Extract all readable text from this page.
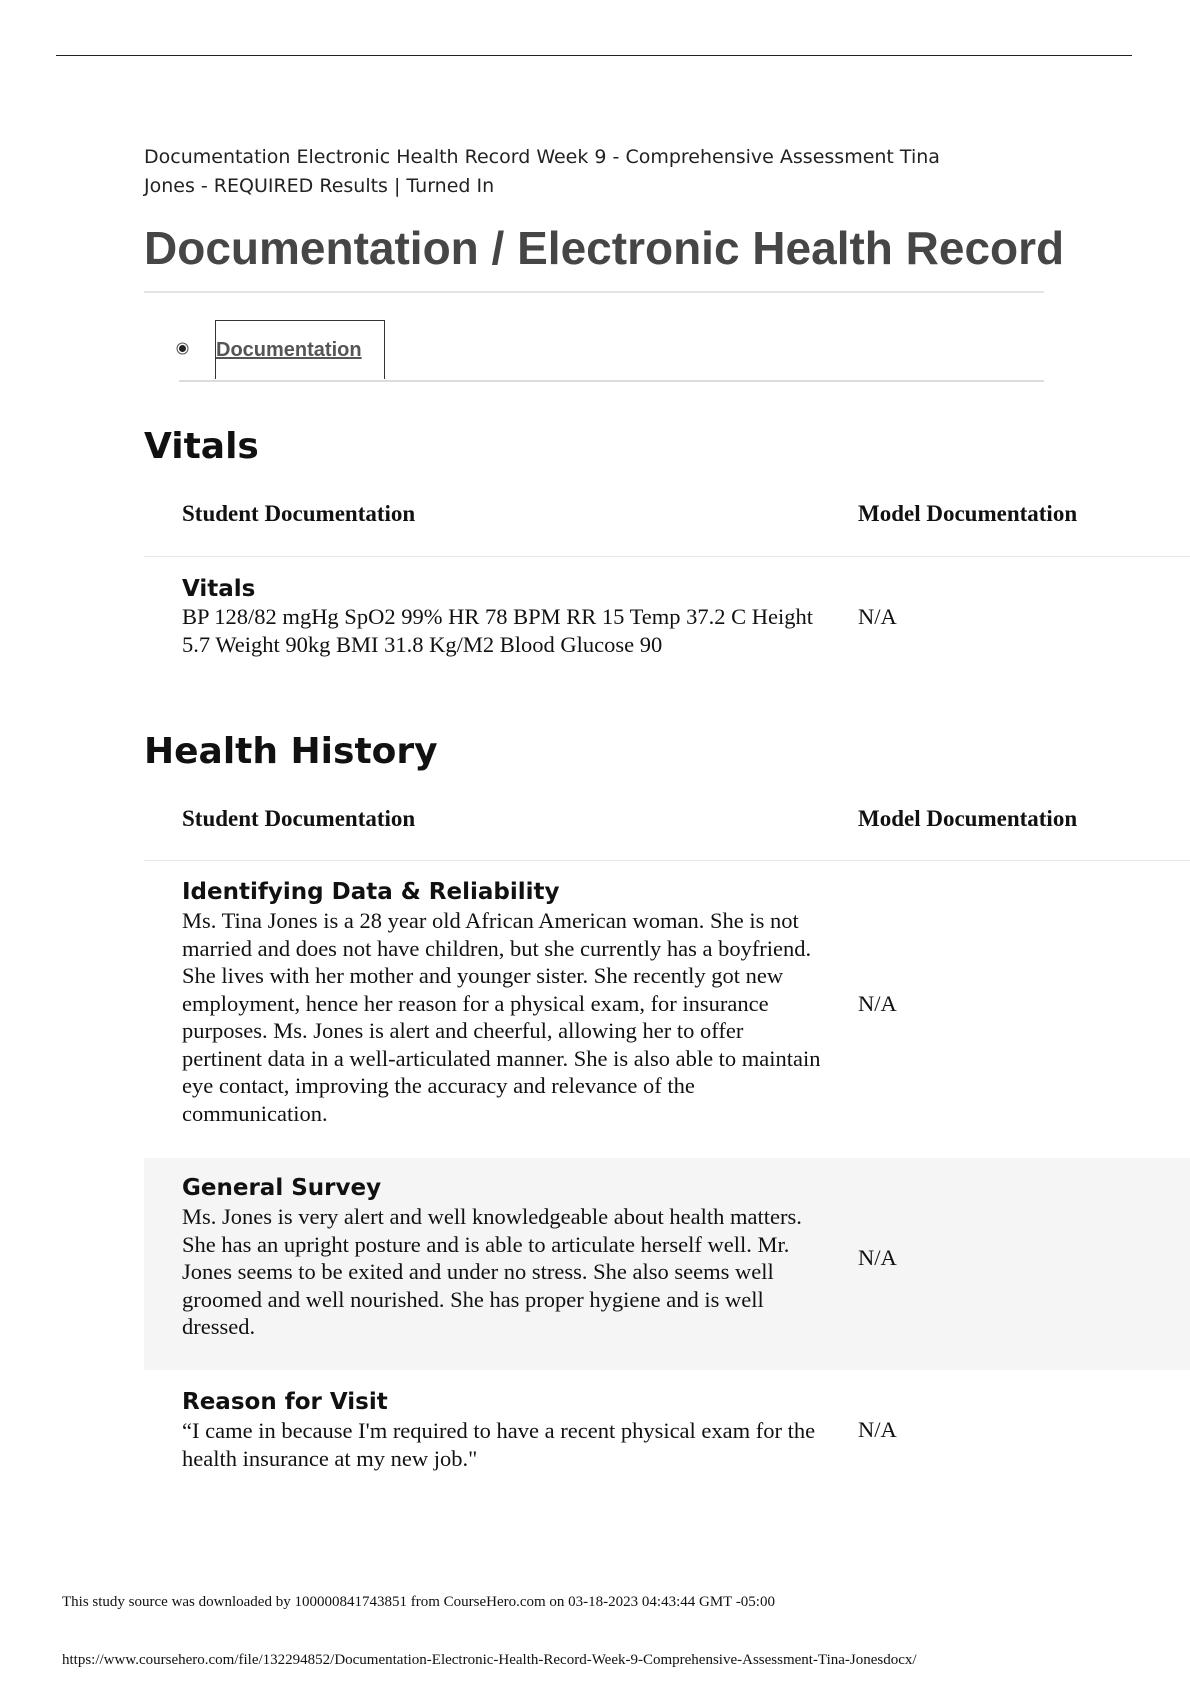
Documentation Electronic Health Record Week 9 - Comprehensive Assessment Tina Jones - REQUIRED Results | Turned In
Documentation / Electronic Health Record
Documentation
Vitals
Student Documentation	Model Documentation
Vitals
BP 128/82 mgHg SpO2 99% HR 78 BPM RR 15 Temp 37.2 C Height 5.7 Weight 90kg BMI 31.8 Kg/M2 Blood Glucose 90
N/A
Health History
Student Documentation	Model Documentation
Identifying Data & Reliability
Ms. Tina Jones is a 28 year old African American woman. She is not married and does not have children, but she currently has a boyfriend. She lives with her mother and younger sister. She recently got new employment, hence her reason for a physical exam, for insurance purposes. Ms. Jones is alert and cheerful, allowing her to offer pertinent data in a well-articulated manner. She is also able to maintain eye contact, improving the accuracy and relevance of the communication.
N/A
General Survey
Ms. Jones is very alert and well knowledgeable about health matters. She has an upright posture and is able to articulate herself well. Mr. Jones seems to be exited and under no stress. She also seems well groomed and well nourished. She has proper hygiene and is well dressed.
N/A
Reason for Visit
“I came in because I'm required to have a recent physical exam for the health insurance at my new job."
N/A
This study source was downloaded by 100000841743851 from CourseHero.com on 03-18-2023 04:43:44 GMT -05:00
https://www.coursehero.com/file/132294852/Documentation-Electronic-Health-Record-Week-9-Comprehensive-Assessment-Tina-Jonesdocx/
